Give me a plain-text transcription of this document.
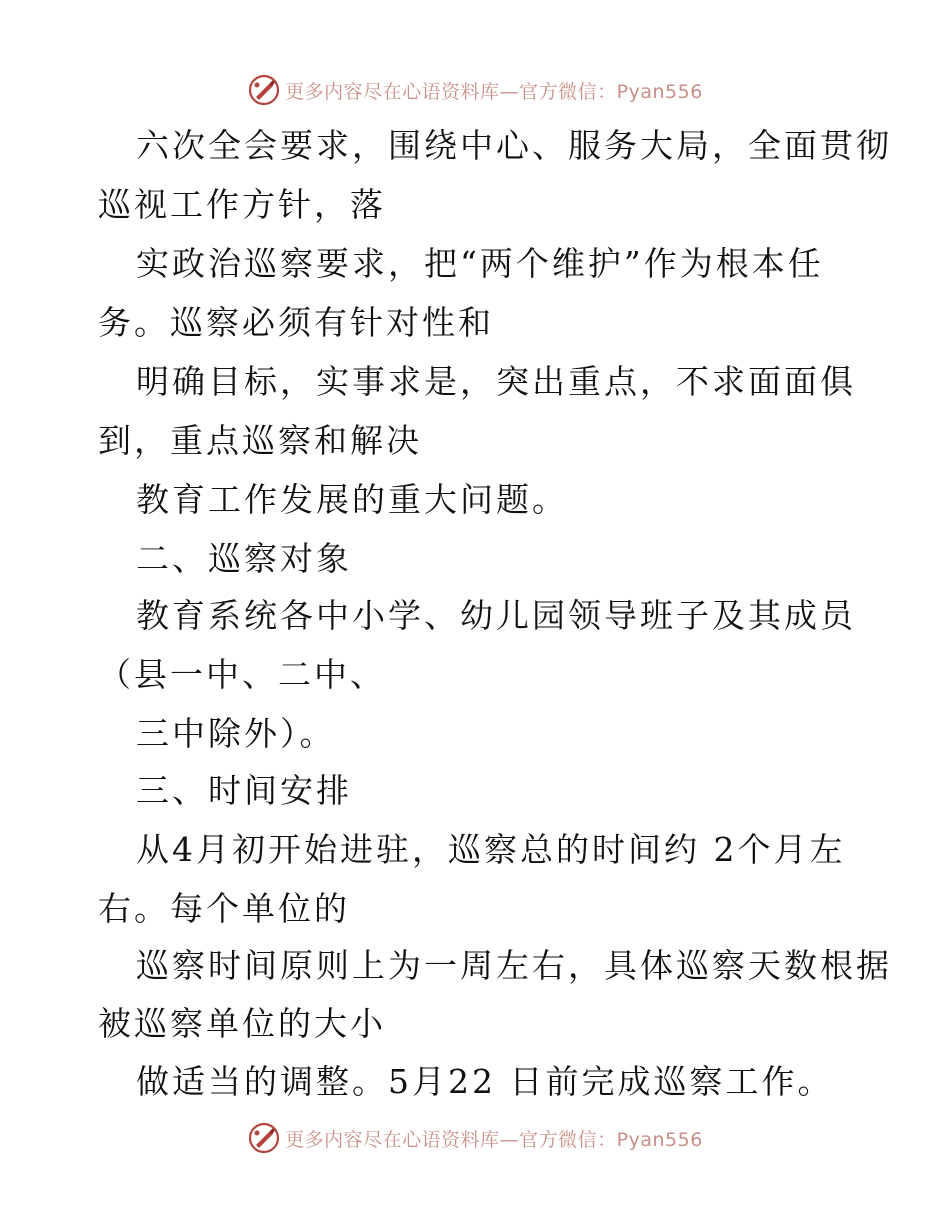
更多内容尽在心语资料库—官方微信：Pyan556
六次全会要求，围绕中心、服务大局，全面贯彻
巡视工作方针，落
实政治巡察要求，把“两个维护”作为根本任
务。巡察必须有针对性和
明确目标，实事求是，突出重点，不求面面俱
到，重点巡察和解决
教育工作发展的重大问题。
二、巡察对象
教育系统各中小学、幼儿园领导班子及其成员
（县一中、二中、
三中除外）。
三、时间安排
从4月初开始进驻，巡察总的时间约 2个月左
右。每个单位的
巡察时间原则上为一周左右，具体巡察天数根据
被巡察单位的大小
做适当的调整。5月22 日前完成巡察工作。
更多内容尽在心语资料库—官方微信：Pyan556
